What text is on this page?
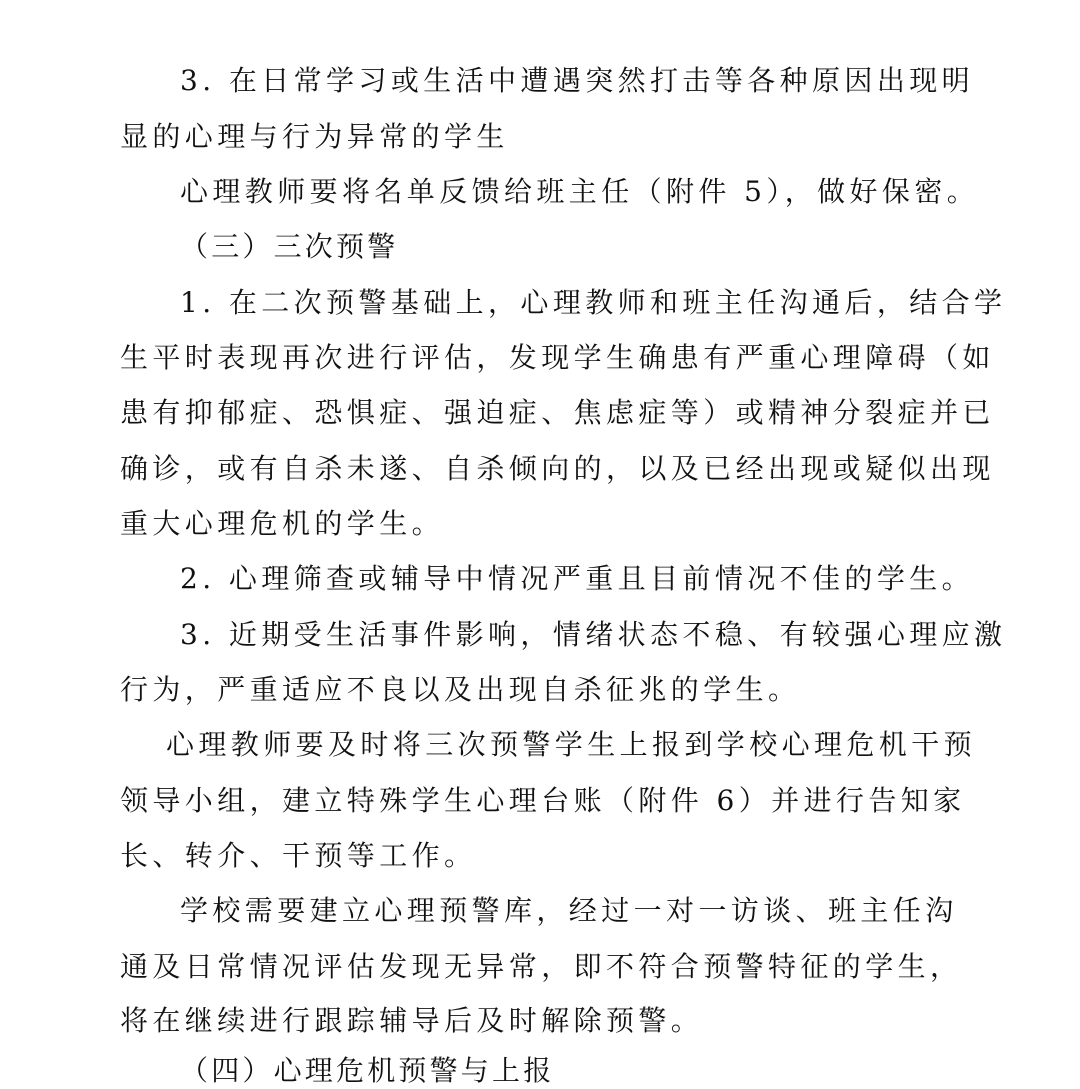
3. 在日常学习或生活中遭遇突然打击等各种原因出现明

显的心理与行为异常的学生

心理教师要将名单反馈给班主任（附件 5），做好保密。

（三）三次预警

1. 在二次预警基础上，心理教师和班主任沟通后，结合学

生平时表现再次进行评估，发现学生确患有严重心理障碍（如

患有抑郁症、恐惧症、强迫症、焦虑症等）或精神分裂症并已

确诊，或有自杀未遂、自杀倾向的，以及已经出现或疑似出现

重大心理危机的学生。

2. 心理筛查或辅导中情况严重且目前情况不佳的学生。

3. 近期受生活事件影响，情绪状态不稳、有较强心理应激

行为，严重适应不良以及出现自杀征兆的学生。

心理教师要及时将三次预警学生上报到学校心理危机干预

领导小组，建立特殊学生心理台账（附件 6）并进行告知家

长、转介、干预等工作。

学校需要建立心理预警库，经过一对一访谈、班主任沟

通及日常情况评估发现无异常，即不符合预警特征的学生，

将在继续进行跟踪辅导后及时解除预警。

（四）心理危机预警与上报
